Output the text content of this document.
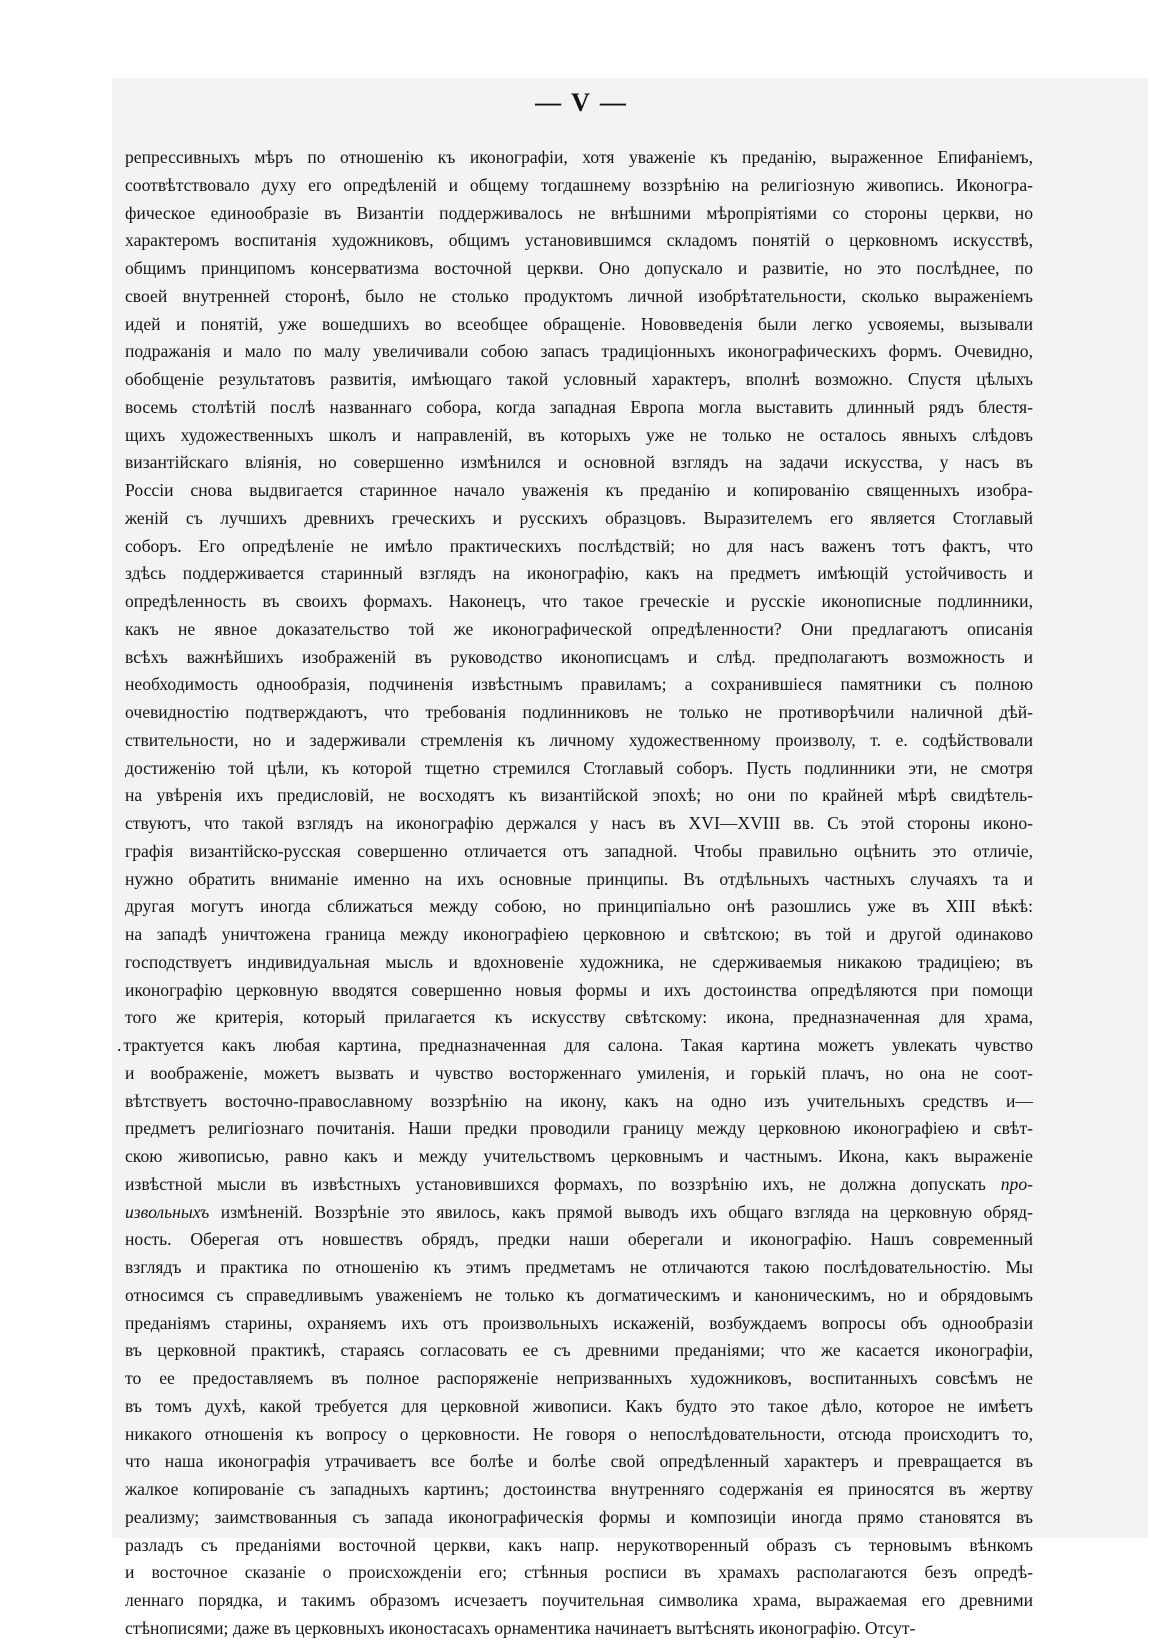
— V —
репрессивныхъ мѣръ по отношенію къ иконографіи, хотя уваженіе къ преданію, выраженное Епифаніемъ,
соотвѣтствовало духу его опредѣленій и общему тогдашнему воззрѣнію на религіозную живопись. Иконогра-
фическое единообразіе въ Византіи поддерживалось не внѣшними мѣропріятіями со стороны церкви, но
характеромъ воспитанія художниковъ, общимъ установившимся складомъ понятій о церковномъ искусствѣ,
общимъ принципомъ консерватизма восточной церкви. Оно допускало и развитіе, но это послѣднее, по
своей внутренней сторонѣ, было не столько продуктомъ личной изобрѣтательности, сколько выраженіемъ
идей и понятій, уже вошедшихъ во всеобщее обращеніе. Нововведенія были легко усвояемы, вызывали
подражанія и мало по малу увеличивали собою запасъ традиціонныхъ иконографическихъ формъ. Очевидно,
обобщеніе результатовъ развитія, имѣющаго такой условный характеръ, вполнѣ возможно. Спустя цѣлыхъ
восемь столѣтій послѣ названнаго собора, когда западная Европа могла выставить длинный рядъ блестя-
щихъ художественныхъ школъ и направленій, въ которыхъ уже не только не осталось явныхъ слѣдовъ
византійскаго вліянія, но совершенно измѣнился и основной взглядъ на задачи искусства, у насъ въ
Россіи снова выдвигается старинное начало уваженія къ преданію и копированію священныхъ изобра-
женій съ лучшихъ древнихъ греческихъ и русскихъ образцовъ. Выразителемъ его является Стоглавый
соборъ. Его опредѣленіе не имѣло практическихъ послѣдствій; но для насъ важенъ тотъ фактъ, что
здѣсь поддерживается старинный взглядъ на иконографію, какъ на предметъ имѣющій устойчивость и
опредѣленность въ своихъ формахъ. Наконецъ, что такое греческіе и русскіе иконописные подлинники,
какъ не явное доказательство той же иконографической опредѣленности? Они предлагаютъ описанія
всѣхъ важнѣйшихъ изображеній въ руководство иконописцамъ и слѣд. предполагаютъ возможность и
необходимость однообразія, подчиненія извѣстнымъ правиламъ; а сохранившіеся памятники съ полною
очевидностію подтверждаютъ, что требованія подлинниковъ не только не противорѣчили наличной дѣй-
ствительности, но и задерживали стремленія къ личному художественному произволу, т. е. содѣйствовали
достиженію той цѣли, къ которой тщетно стремился Стоглавый соборъ. Пусть подлинники эти, не смотря
на увѣренія ихъ предисловій, не восходятъ къ византійской эпохѣ; но они по крайней мѣрѣ свидѣтель-
ствуютъ, что такой взглядъ на иконографію держался у насъ въ XVI—XVIII вв. Съ этой стороны иконо-
графія византійско-русская совершенно отличается отъ западной. Чтобы правильно оцѣнить это отличіе,
нужно обратить вниманіе именно на ихъ основные принципы. Въ отдѣльныхъ частныхъ случаяхъ та и
другая могутъ иногда сближаться между собою, но принципіально онѣ разошлись уже въ XIII вѣкѣ:
на западѣ уничтожена граница между иконографіею церковною и свѣтскою; въ той и другой одинаково
господствуетъ индивидуальная мысль и вдохновеніе художника, не сдерживаемыя никакою традиціею; въ
иконографію церковную вводятся совершенно новыя формы и ихъ достоинства опредѣляются при помощи
того же критерія, который прилагается къ искусству свѣтскому: икона, предназначенная для храма,
. трактуется какъ любая картина, предназначенная для салона. Такая картина можетъ увлекать чувство
и воображеніе, можетъ вызвать и чувство восторженнаго умиленія, и горькій плачъ, но она не соот-
вѣтствуетъ восточно-православному воззрѣнію на икону, какъ на одно изъ учительныхъ средствъ и—
предметъ религіознаго почитанія. Наши предки проводили границу между церковною иконографіею и свѣт-
скою живописью, равно какъ и между учительствомъ церковнымъ и частнымъ. Икона, какъ выраженіе
извѣстной мысли въ извѣстныхъ установившихся формахъ, по воззрѣнію ихъ, не должна допускать про-
извольныхъ измѣненій. Воззрѣніе это явилось, какъ прямой выводъ ихъ общаго взгляда на церковную обряд-
ность. Оберегая отъ новшествъ обрядъ, предки наши оберегали и иконографію. Нашъ современный
взглядъ и практика по отношенію къ этимъ предметамъ не отличаются такою послѣдовательностію. Мы
относимся съ справедливымъ уваженіемъ не только къ догматическимъ и каноническимъ, но и обрядовымъ
преданіямъ старины, охраняемъ ихъ отъ произвольныхъ искаженій, возбуждаемъ вопросы объ однообразіи
въ церковной практикѣ, стараясь согласовать ее съ древними преданіями; что же касается иконографіи,
то ее предоставляемъ въ полное распоряженіе непризванныхъ художниковъ, воспитанныхъ совсѣмъ не
въ томъ духѣ, какой требуется для церковной живописи. Какъ будто это такое дѣло, которое не имѣетъ
никакого отношенія къ вопросу о церковности. Не говоря о непослѣдовательности, отсюда происходитъ то,
что наша иконографія утрачиваетъ все болѣе и болѣе свой опредѣленный характеръ и превращается въ
жалкое копированіе съ западныхъ картинъ; достоинства внутренняго содержанія ея приносятся въ жертву
реализму; заимствованныя съ запада иконографическія формы и композиціи иногда прямо становятся въ
разладъ съ преданіями восточной церкви, какъ напр. нерукотворенный образъ съ терновымъ вѣнкомъ
и восточное сказаніе о происхожденіи его; стѣнныя росписи въ храмахъ располагаются безъ опредѣ-
леннаго порядка, и такимъ образомъ исчезаетъ поучительная символика храма, выражаемая его древними
стѣнописями; даже въ церковныхъ иконостасахъ орнаментика начинаетъ вытѣснять иконографію. Отсут-
